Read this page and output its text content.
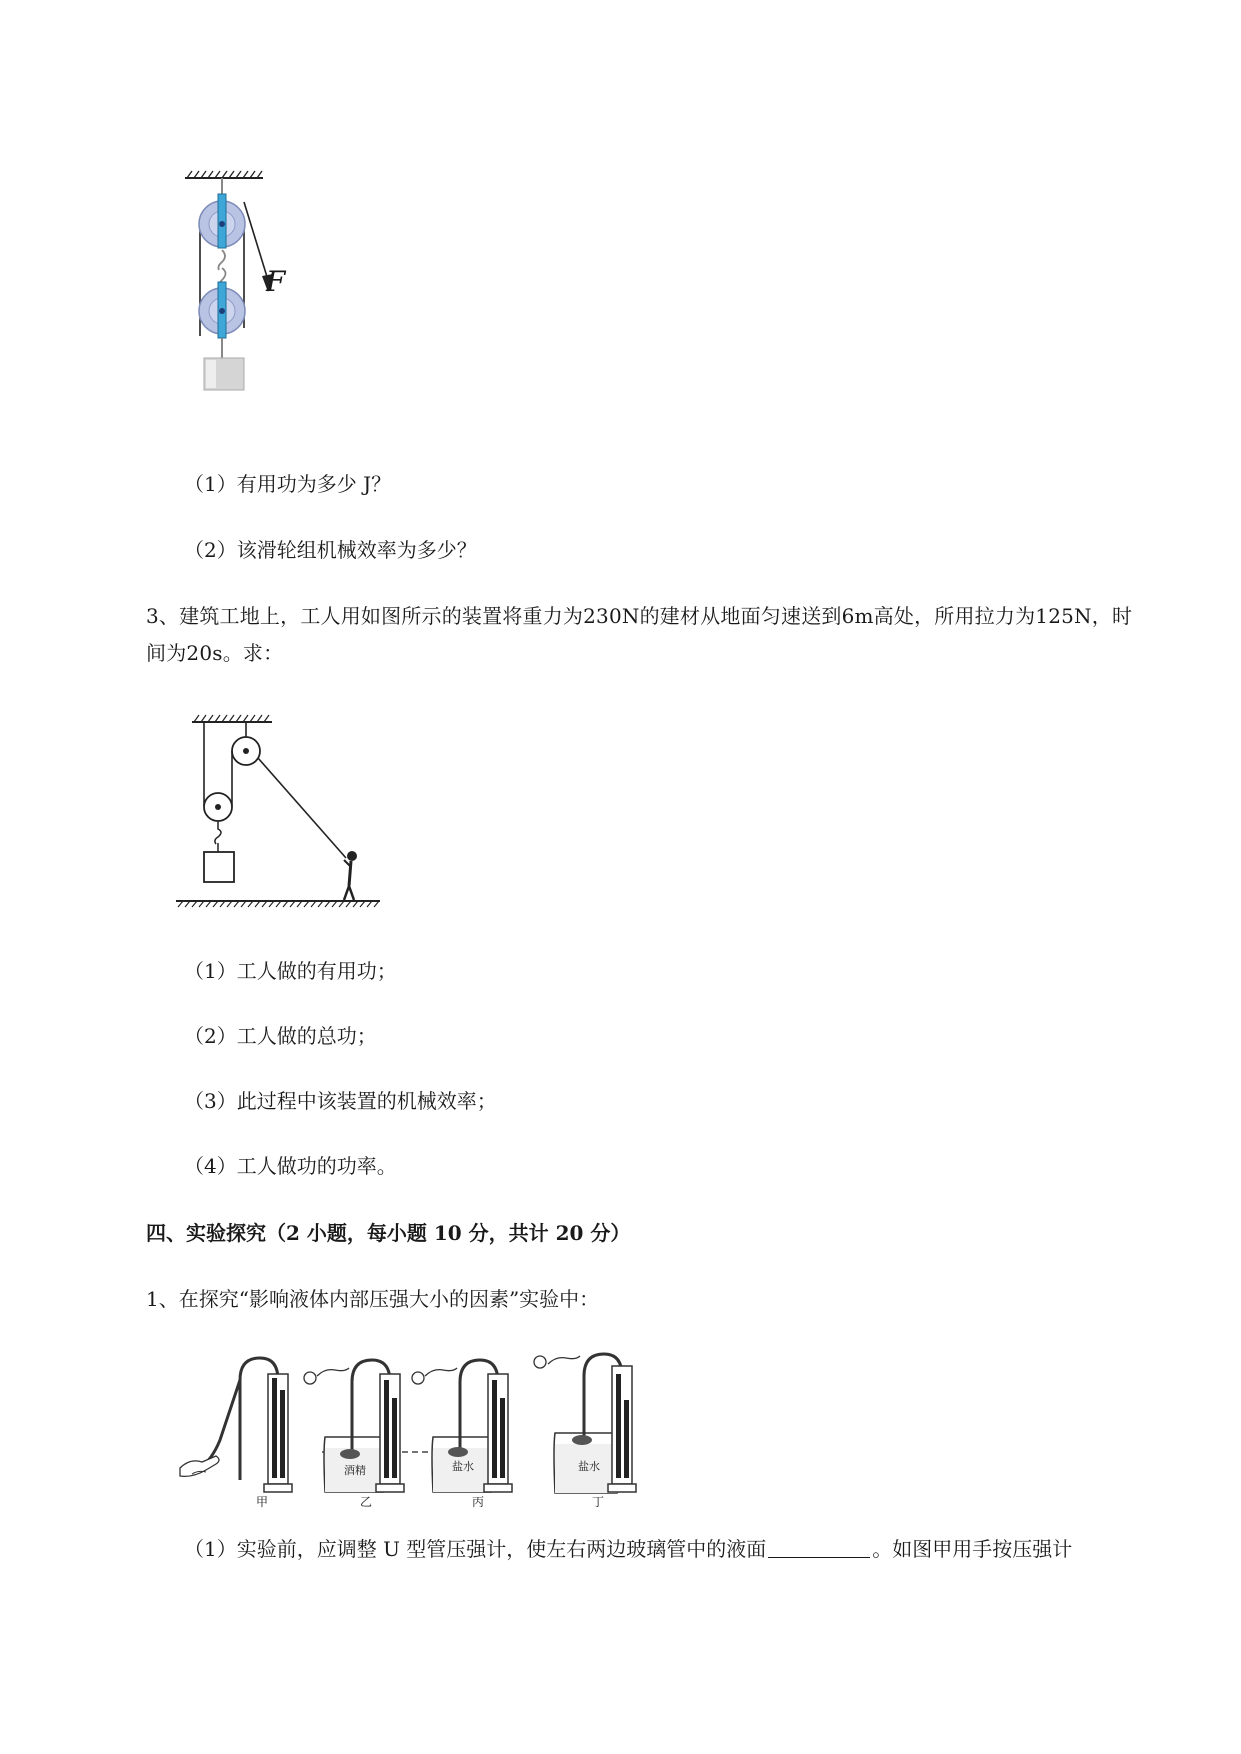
F
（1）有用功为多少 J？
（2）该滑轮组机械效率为多少？
3、建筑工地上，工人用如图所示的装置将重力为230N的建材从地面匀速送到6m高处，所用拉力为125N，时间为20s。求：
（1）工人做的有用功；
（2）工人做的总功；
（3）此过程中该装置的机械效率；
（4）工人做功的功率。
四、实验探究（2 小题，每小题 10 分，共计 20 分）
1、在探究“影响液体内部压强大小的因素”实验中：
酒精	盐水	盐水
甲	乙	丙	丁
（1）实验前，应调整 U 型管压强计，使左右两边玻璃管中的液面	。如图甲用手按压强计
